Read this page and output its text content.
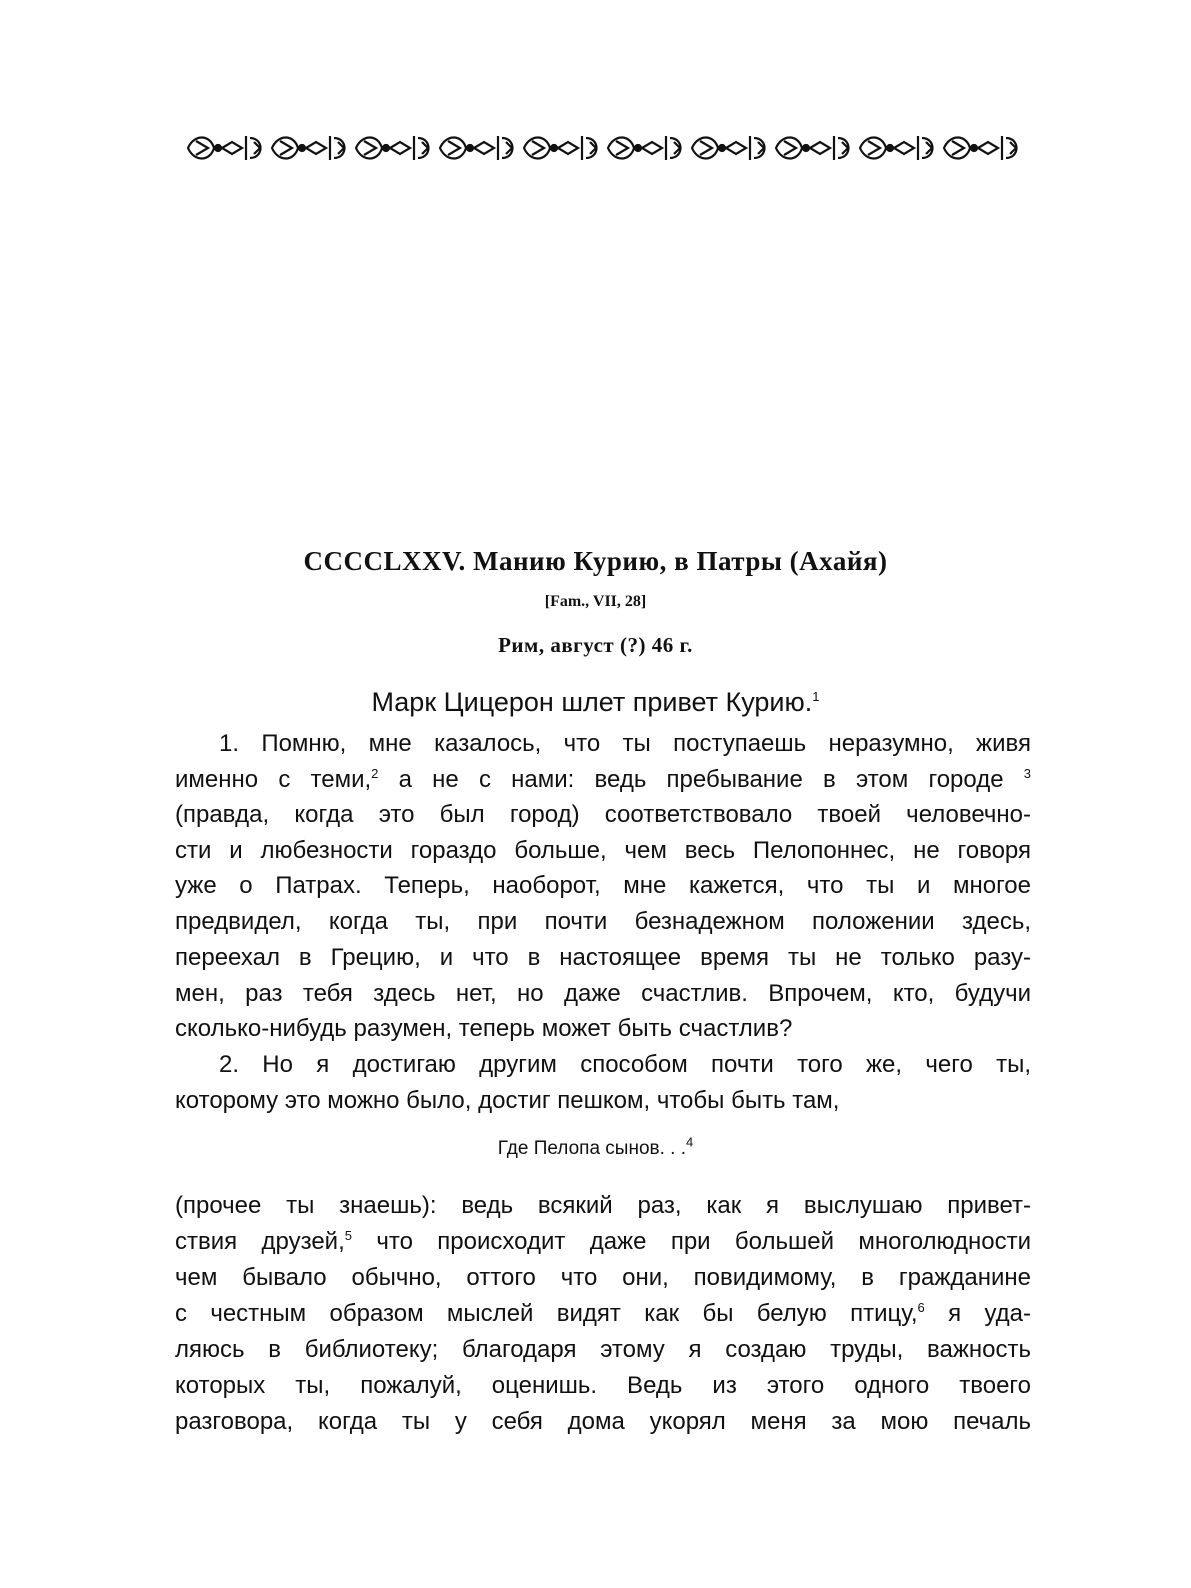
CCCCLXXV. Манию Курию, в Патры (Ахайя)
[Fam., VII, 28]
Рим, август (?) 46 г.
Марк Цицерон шлет привет Курию.$^1$
1. Помню, мне казалось, что ты поступаешь неразумно, живя
именно с теми,$^2$ а не с нами: ведь пребывание в этом городе $^3$
(правда, когда это был город) соответствовало твоей человечно-
сти и любезности гораздо больше, чем весь Пелопоннес, не говоря
уже о Патрах. Теперь, наоборот, мне кажется, что ты и многое
предвидел, когда ты, при почти безнадежном положении здесь,
переехал в Грецию, и что в настоящее время ты не только разу-
мен, раз тебя здесь нет, но даже счастлив. Впрочем, кто, будучи
сколько-нибудь разумен, теперь может быть счастлив?
2. Но я достигаю другим способом почти того же, чего ты,
которому это можно было, достиг пешком, чтобы быть там,
Где Пелопа сынов. . .$^4$
(прочее ты знаешь): ведь всякий раз, как я выслушаю привет-
ствия друзей,$^5$ что происходит даже при большей многолюдности
чем бывало обычно, оттого что они, повидимому, в гражданине
с честным образом мыслей видят как бы белую птицу,$^6$ я уда-
ляюсь в библиотеку; благодаря этому я создаю труды, важность
которых ты, пожалуй, оценишь. Ведь из этого одного твоего
разговора, когда ты у себя дома укорял меня за мою печаль
